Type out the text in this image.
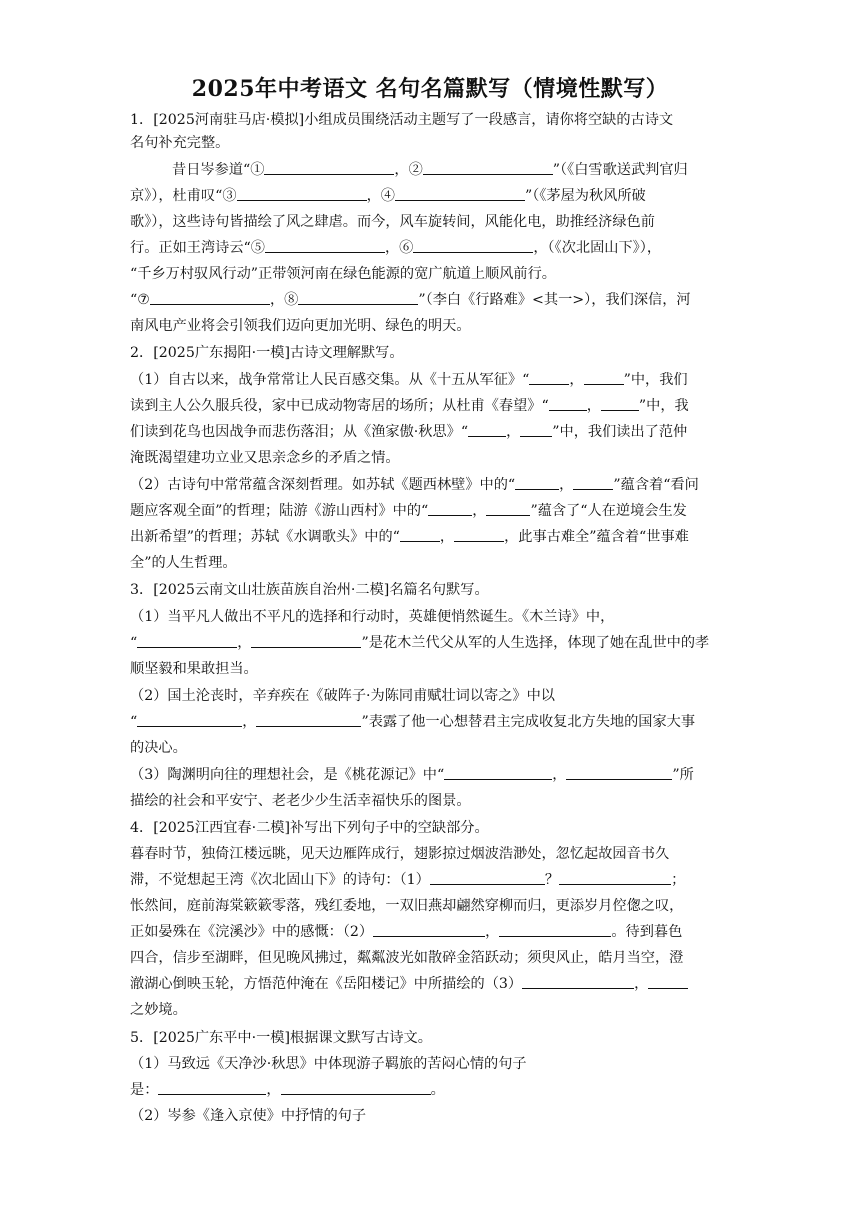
2025年中考语文 名句名篇默写（情境性默写）
1．[2025河南驻马店·模拟]小组成员围绕活动主题写了一段感言，请你将空缺的古诗文
名句补充完整。
昔日岑参道“①	，②	”（《白雪歌送武判官归
京》），杜甫叹“③	，④	”（《茅屋为秋风所破
歌》），这些诗句皆描绘了风之肆虐。而今，风车旋转间，风能化电，助推经济绿色前
行。正如王湾诗云“⑤	，⑥	，（《次北固山下》），
“千乡万村驭风行动”正带领河南在绿色能源的宽广航道上顺风前行。
“⑦	，⑧	”（李白《行路难》<其一>），我们深信，河
南风电产业将会引领我们迈向更加光明、绿色的明天。
2．[2025广东揭阳·一模]古诗文理解默写。
（1）自古以来，战争常常让人民百感交集。从《十五从军征》“	，	”中，我们
读到主人公久服兵役，家中已成动物寄居的场所；从杜甫《春望》“	，	”中，我
们读到花鸟也因战争而悲伤落泪；从《渔家傲·秋思》“	， ”中，我们读出了范仲
淹既渴望建功立业又思亲念乡的矛盾之情。
（2）古诗句中常常蕴含深刻哲理。如苏轼《题西林壁》中的“	，	”蕴含着“看问
题应客观全面”的哲理；陆游《游山西村》中的“	，	”蕴含了“人在逆境会生发
出新希望”的哲理；苏轼《水调歌头》中的“	，	，此事古难全”蕴含着“世事难
全”的人生哲理。
3．[2025云南文山壮族苗族自治州·二模]名篇名句默写。
（1）当平凡人做出不平凡的选择和行动时，英雄便悄然诞生。《木兰诗》中，
“	，	”是花木兰代父从军的人生选择，体现了她在乱世中的孝
顺坚毅和果敢担当。
（2）国土沦丧时，辛弃疾在《破阵子·为陈同甫赋壮词以寄之》中以
“	，	”表露了他一心想替君主完成收复北方失地的国家大事
的决心。
（3）陶渊明向往的理想社会，是《桃花源记》中“	，	”所
描绘的社会和平安宁、老老少少生活幸福快乐的图景。
4．[2025江西宜春·二模]补写出下列句子中的空缺部分。
暮春时节，独倚江楼远眺，见天边雁阵成行，翅影掠过烟波浩渺处，忽忆起故园音书久
滞，不觉想起王湾《次北固山下》的诗句：（1）	？	；
怅然间，庭前海棠簌簌零落，残红委地，一双旧燕却翩然穿柳而归，更添岁月倥偬之叹，
正如晏殊在《浣溪沙》中的感慨：（2）	，	。待到暮色
四合，信步至湖畔，但见晚风拂过，粼粼波光如散碎金箔跃动；须臾风止，皓月当空，澄
澈湖心倒映玉轮，方悟范仲淹在《岳阳楼记》中所描绘的（3）	，
之妙境。
5．[2025广东平中·一模]根据课文默写古诗文。
（1）马致远《天净沙·秋思》中体现游子羁旅的苦闷心情的句子
是：	，	。
（2）岑参《逢入京使》中抒情的句子
